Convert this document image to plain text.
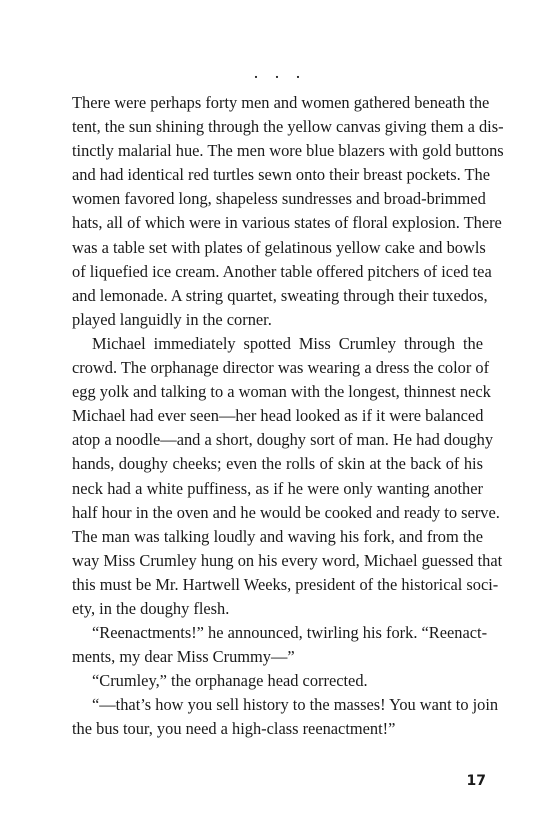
. . .
There were perhaps forty men and women gathered beneath the
tent, the sun shining through the yellow canvas giving them a dis-
tinctly malarial hue. The men wore blue blazers with gold buttons
and had identical red turtles sewn onto their breast pockets. The
women favored long, shapeless sundresses and broad-brimmed
hats, all of which were in various states of floral explosion. There
was a table set with plates of gelatinous yellow cake and bowls
of liquefied ice cream. Another table offered pitchers of iced tea
and lemonade. A string quartet, sweating through their tuxedos,
played languidly in the corner.
Michael immediately spotted Miss Crumley through the
crowd. The orphanage director was wearing a dress the color of
egg yolk and talking to a woman with the longest, thinnest neck
Michael had ever seen—her head looked as if it were balanced
atop a noodle—and a short, doughy sort of man. He had doughy
hands, doughy cheeks; even the rolls of skin at the back of his
neck had a white puffiness, as if he were only wanting another
half hour in the oven and he would be cooked and ready to serve.
The man was talking loudly and waving his fork, and from the
way Miss Crumley hung on his every word, Michael guessed that
this must be Mr. Hartwell Weeks, president of the historical soci-
ety, in the doughy flesh.
“Reenactments!” he announced, twirling his fork. “Reenact-
ments, my dear Miss Crummy—”
“Crumley,” the orphanage head corrected.
“—that’s how you sell history to the masses! You want to join
the bus tour, you need a high-class reenactment!”
17
